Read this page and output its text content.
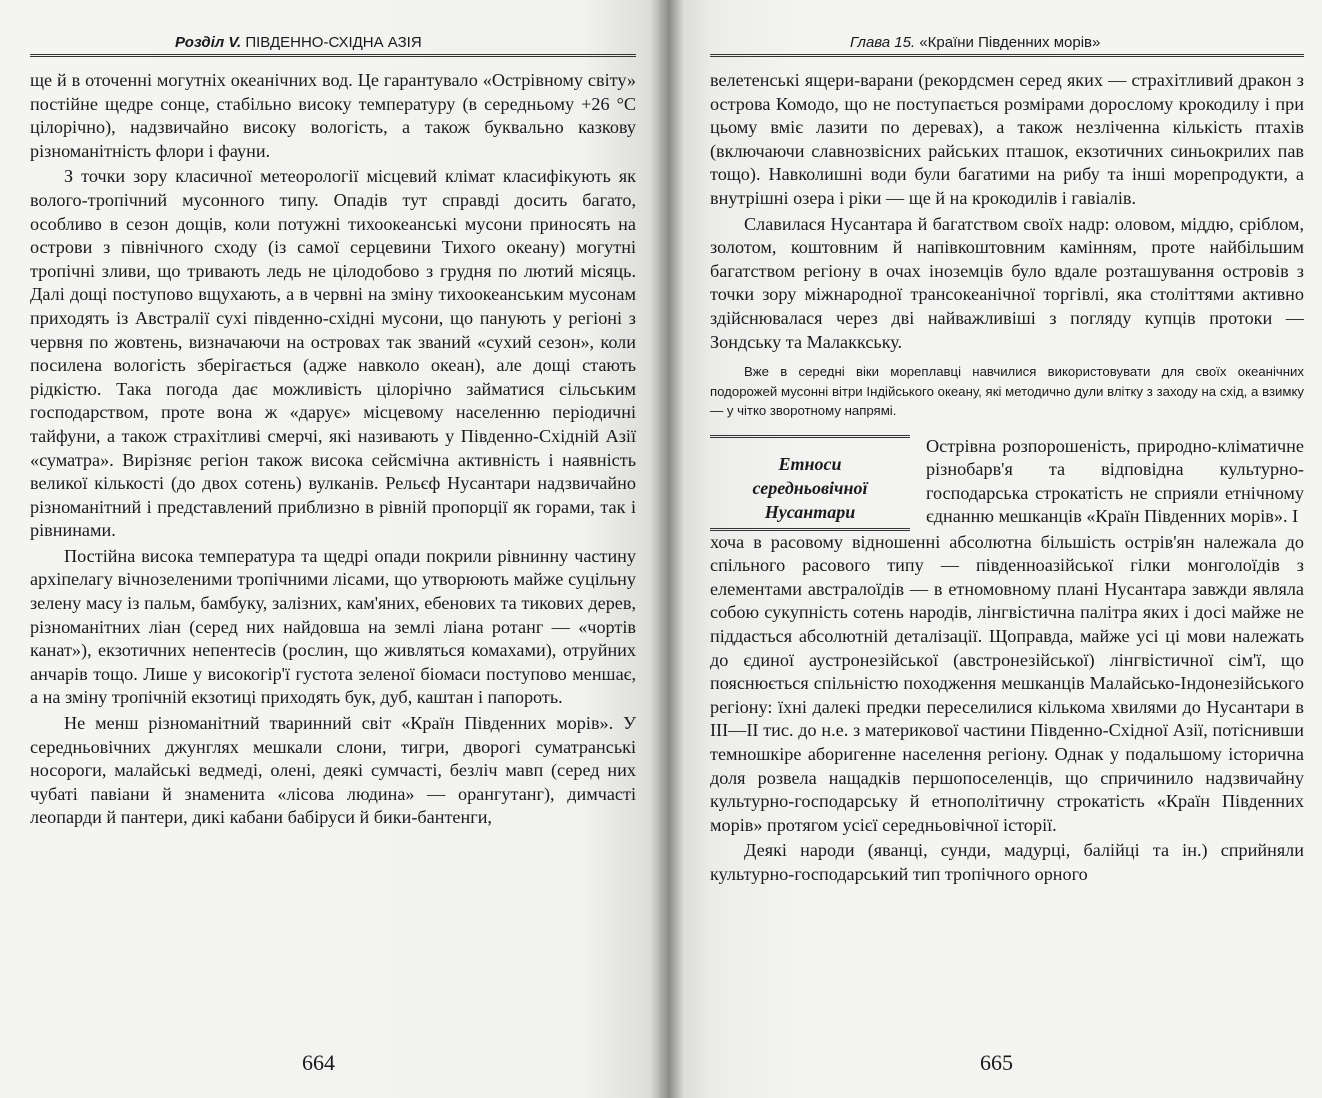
Розділ V. ПІВДЕННО-СХІДНА АЗІЯ

ще й в оточенні могутніх океанічних вод. Це гарантувало «Острівному світу» постійне щедре сонце, стабільно високу температуру (в середньому +26 °С цілорічно), надзвичайно високу вологість, а також буквально казкову різноманітність флори і фауни.

З точки зору класичної метеорології місцевий клімат класифікують як волого-тропічний мусонного типу. Опадів тут справді досить багато, особливо в сезон дощів, коли потужні тихоокеанські мусони приносять на острови з північного сходу (із самої серцевини Тихого океану) могутні тропічні зливи, що тривають ледь не цілодобово з грудня по лютий місяць. Далі дощі поступово вщухають, а в червні на зміну тихоокеанським мусонам приходять із Австралії сухі південно-східні мусони, що панують у регіоні з червня по жовтень, визначаючи на островах так званий «сухий сезон», коли посилена вологість зберігається (адже навколо океан), але дощі стають рідкістю. Така погода дає можливість цілорічно займатися сільським господарством, проте вона ж «дарує» місцевому населенню періодичні тайфуни, а також страхітливі смерчі, які називають у Південно-Східній Азії «суматра». Вирізняє регіон також висока сейсмічна активність і наявність великої кількості (до двох сотень) вулканів. Рельєф Нусантари надзвичайно різноманітний і представлений приблизно в рівній пропорції як горами, так і рівнинами.

Постійна висока температура та щедрі опади покрили рівнинну частину архіпелагу вічнозеленими тропічними лісами, що утворюють майже суцільну зелену масу із пальм, бамбуку, залізних, кам'яних, ебенових та тикових дерев, різноманітних ліан (серед них найдовша на землі ліана ротанг — «чортів канат»), екзотичних непентесів (рослин, що живляться комахами), отруйних анчарів тощо. Лише у високогір'ї густота зеленої біомаси поступово меншає, а на зміну тропічній екзотиці приходять бук, дуб, каштан і папороть.

Не менш різноманітний тваринний світ «Країн Південних морів». У середньовічних джунглях мешкали слони, тигри, дворогі суматранські носороги, малайські ведмеді, олені, деякі сумчасті, безліч мавп (серед них чубаті павіани й знаменита «лісова людина» — орангутанг), димчасті леопарди й пантери, дикі кабани бабіруси й бики-бантенги,

664
Глава 15. «Країни Південних морів»

велетенські ящери-варани (рекордсмен серед яких — страхітливий дракон з острова Комодо, що не поступається розмірами дорослому крокодилу і при цьому вміє лазити по деревах), а також незліченна кількість птахів (включаючи славнозвісних райських пташок, екзотичних синьокрилих пав тощо). Навколишні води були багатими на рибу та інші морепродукти, а внутрішні озера і ріки — ще й на крокодилів і гавіалів.

Славилася Нусантара й багатством своїх надр: оловом, міддю, сріблом, золотом, коштовним й напівкоштовним камінням, проте найбільшим багатством регіону в очах іноземців було вдале розташування островів з точки зору міжнародної трансокеанічної торгівлі, яка століттями активно здійснювалася через дві найважливіші з погляду купців протоки — Зондську та Малаккську.

Вже в середні віки мореплавці навчилися використовувати для своїх океанічних подорожей мусонні вітри Індійського океану, які методично дули влітку з заходу на схід, а взимку — у чітко зворотному напрямі.

Етноси

середньовічної

Нусантари

Острівна розпорошеність, природно-кліматичне різнобарв'я та відповідна культурно-господарська строкатість не сприяли етнічному єднанню мешканців «Країн Південних морів». І

хоча в расовому відношенні абсолютна більшість острів'ян належала до спільного расового типу — південноазійської гілки монголоїдів з елементами австралоїдів — в етномовному плані Нусантара завжди являла собою сукупність сотень народів, лінгвістична палітра яких і досі майже не піддасться абсолютній деталізації. Щоправда, майже усі ці мови належать до єдиної аустронезійської (австронезійської) лінгвістичної сім'ї, що пояснюється спільністю походження мешканців Малайсько-Індонезійського регіону: їхні далекі предки переселилися кількома хвилями до Нусантари в III—II тис. до н.е. з материкової частини Південно-Східної Азії, потіснивши темношкіре аборигенне населення регіону. Однак у подальшому історична доля розвела нащадків першопоселенців, що спричинило надзвичайну культурно-господарську й етнополітичну строкатість «Країн Південних морів» протягом усієї середньовічної історії.

Деякі народи (яванці, сунди, мадурці, балійці та ін.) сприйняли культурно-господарський тип тропічного орного

665
